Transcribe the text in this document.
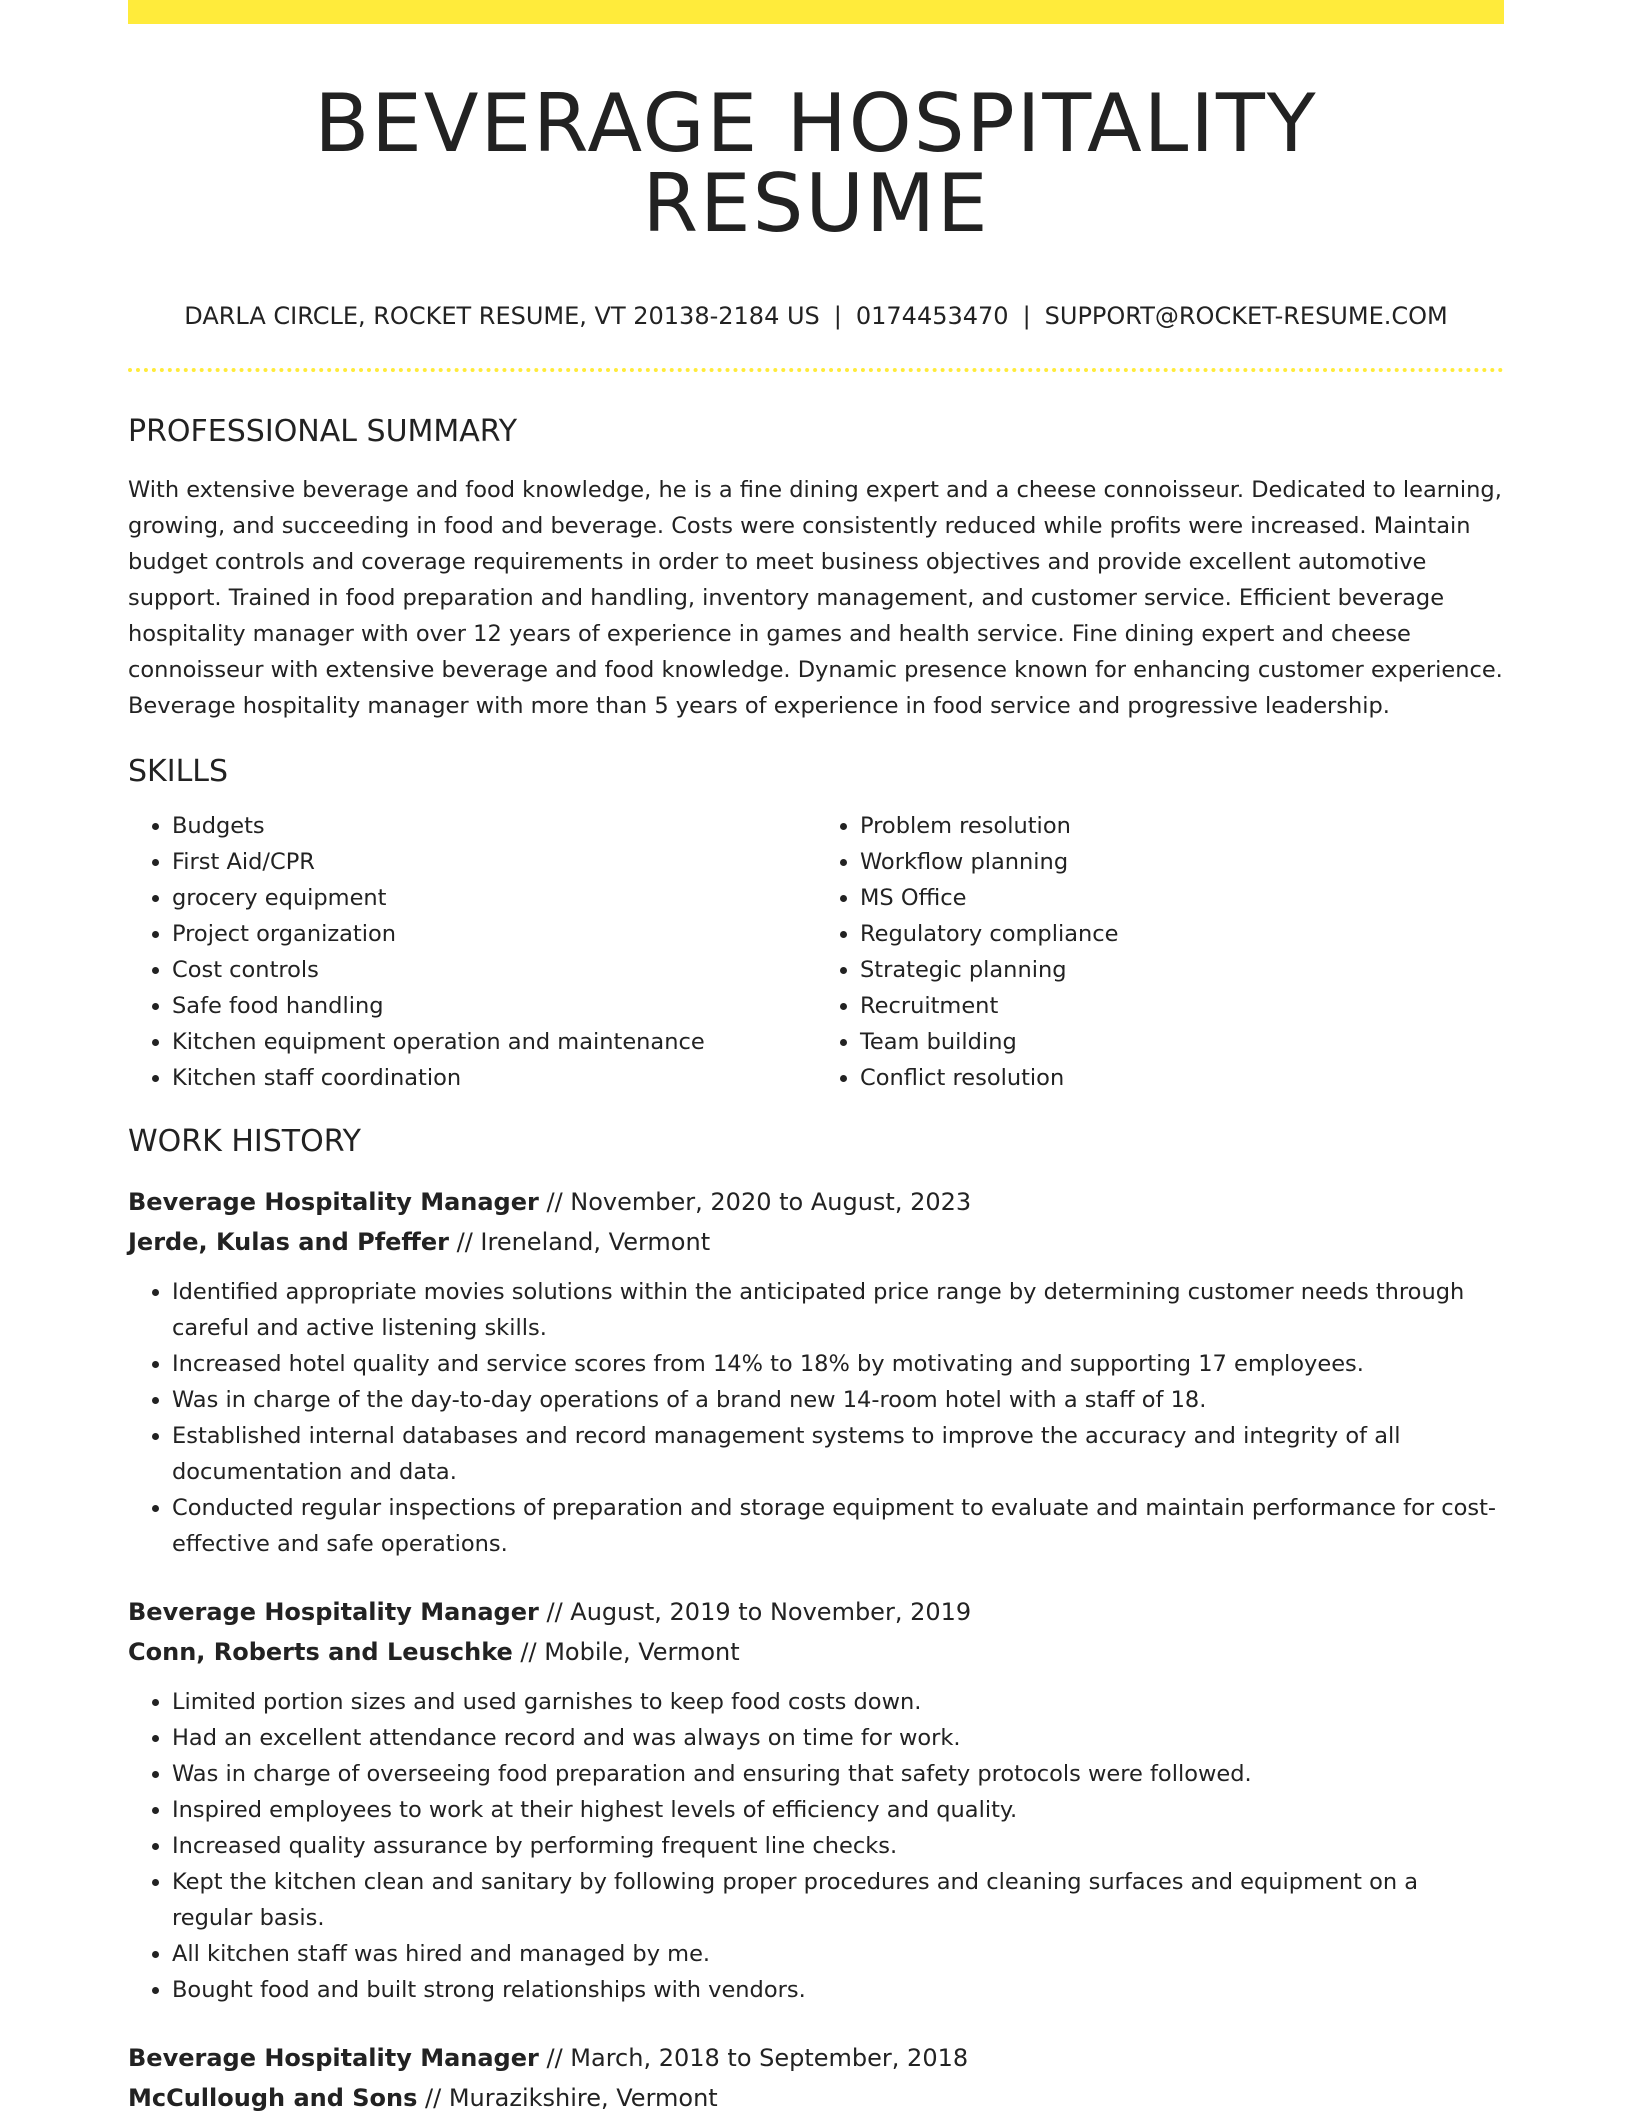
BEVERAGE HOSPITALITY RESUME
DARLA CIRCLE, ROCKET RESUME, VT 20138-2184 US | 0174453470 | SUPPORT@ROCKET-RESUME.COM
PROFESSIONAL SUMMARY

With extensive beverage and food knowledge, he is a fine dining expert and a cheese connoisseur. Dedicated to learning, growing, and succeeding in food and beverage. Costs were consistently reduced while profits were increased. Maintain budget controls and coverage requirements in order to meet business objectives and provide excellent automotive support. Trained in food preparation and handling, inventory management, and customer service. Efficient beverage hospitality manager with over 12 years of experience in games and health service. Fine dining expert and cheese connoisseur with extensive beverage and food knowledge. Dynamic presence known for enhancing customer experience. Beverage hospitality manager with more than 5 years of experience in food service and progressive leadership.

SKILLS
• Budgets
• First Aid/CPR
• grocery equipment
• Project organization
• Cost controls
• Safe food handling
• Kitchen equipment operation and maintenance
• Kitchen staff coordination
• Problem resolution
• Workflow planning
• MS Office
• Regulatory compliance
• Strategic planning
• Recruitment
• Team building
• Conflict resolution
WORK HISTORY
Beverage Hospitality Manager // November, 2020 to August, 2023
Jerde, Kulas and Pfeffer // Ireneland, Vermont
• Identified appropriate movies solutions within the anticipated price range by determining customer needs through careful and active listening skills.
• Increased hotel quality and service scores from 14% to 18% by motivating and supporting 17 employees.
• Was in charge of the day-to-day operations of a brand new 14-room hotel with a staff of 18.
• Established internal databases and record management systems to improve the accuracy and integrity of all documentation and data.
• Conducted regular inspections of preparation and storage equipment to evaluate and maintain performance for cost-effective and safe operations.
Beverage Hospitality Manager // August, 2019 to November, 2019
Conn, Roberts and Leuschke // Mobile, Vermont
• Limited portion sizes and used garnishes to keep food costs down.
• Had an excellent attendance record and was always on time for work.
• Was in charge of overseeing food preparation and ensuring that safety protocols were followed.
• Inspired employees to work at their highest levels of efficiency and quality.
• Increased quality assurance by performing frequent line checks.
• Kept the kitchen clean and sanitary by following proper procedures and cleaning surfaces and equipment on a regular basis.
• All kitchen staff was hired and managed by me.
• Bought food and built strong relationships with vendors.
Beverage Hospitality Manager // March, 2018 to September, 2018
McCullough and Sons // Murazikshire, Vermont
